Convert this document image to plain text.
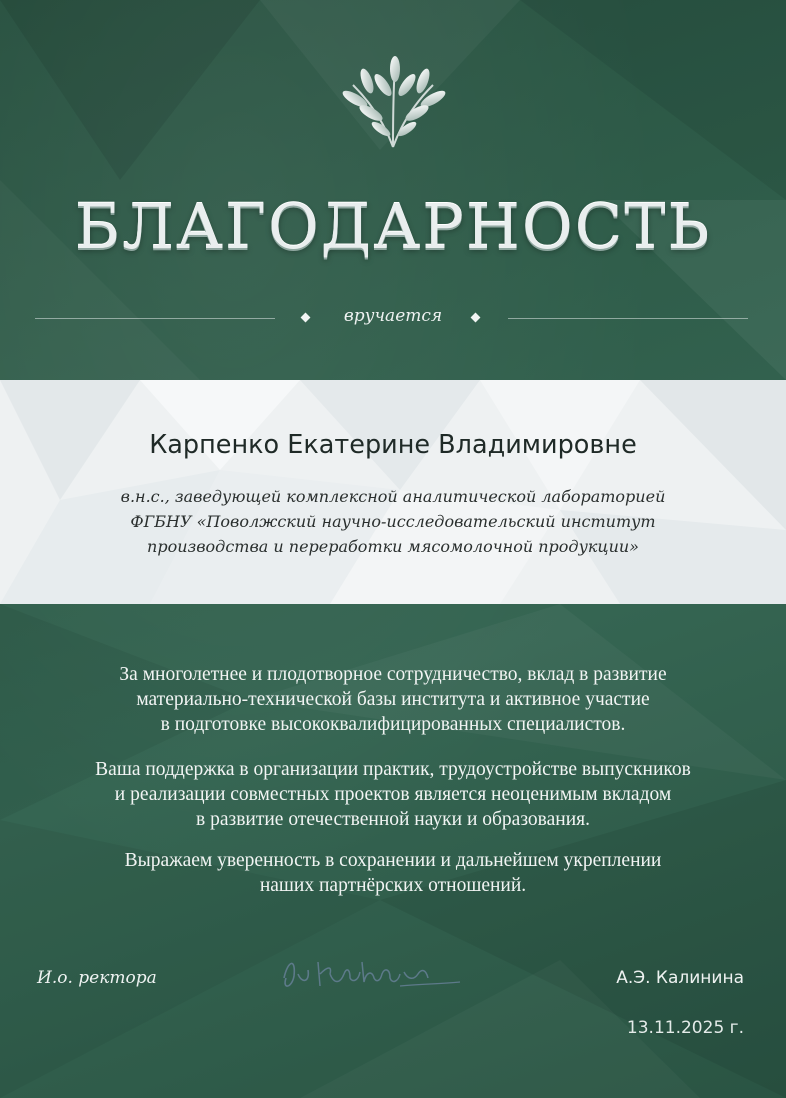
БЛАГОДАРНОСТЬ
вручается
Карпенко Екатерине Владимировне
в.н.с., заведующей комплексной аналитической лабораторией
ФГБНУ «Поволжский научно-исследовательский институт
производства и переработки мясомолочной продукции»
За многолетнее и плодотворное сотрудничество, вклад в развитие
материально-технической базы института и активное участие
в подготовке высококвалифицированных специалистов.
Ваша поддержка в организации практик, трудоустройстве выпускников
и реализации совместных проектов является неоценимым вкладом
в развитие отечественной науки и образования.
Выражаем уверенность в сохранении и дальнейшем укреплении
наших партнёрских отношений.
И.о. ректора	А.Э. Калинина
13.11.2025 г.
